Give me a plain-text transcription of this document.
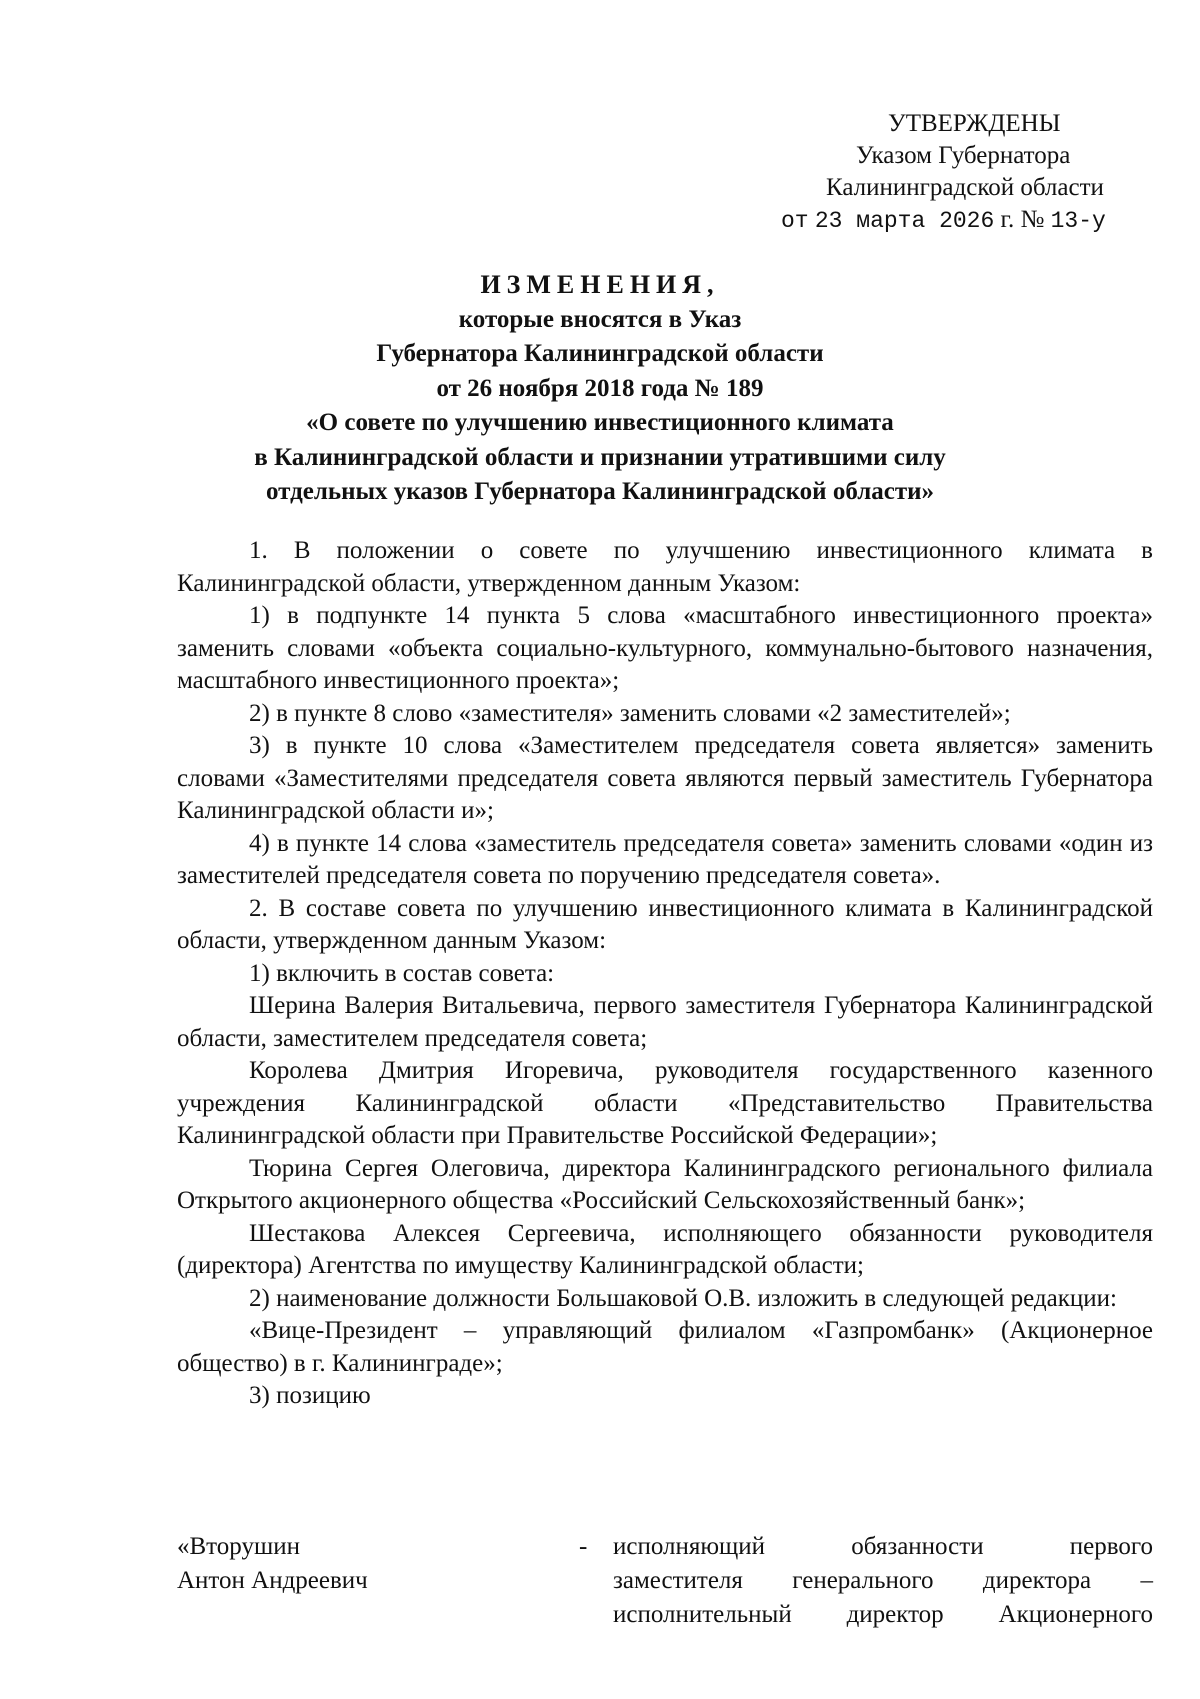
УТВЕРЖДЕНЫ
Указом Губернатора
Калининградской области
от 23 марта 2026 г. № 13-у
ИЗМЕНЕНИЯ,
которые вносятся в Указ
Губернатора Калининградской области
от 26 ноября 2018 года № 189
«О совете по улучшению инвестиционного климата
в Калининградской области и признании утратившими силу
отдельных указов Губернатора Калининградской области»

1. В положении о совете по улучшению инвестиционного климата в Калининградской области, утвержденном данным Указом:

1) в подпункте 14 пункта 5 слова «масштабного инвестиционного проекта» заменить словами «объекта социально-культурного, коммунально-бытового назначения, масштабного инвестиционного проекта»;

2) в пункте 8 слово «заместителя» заменить словами «2 заместителей»;

3) в пункте 10 слова «Заместителем председателя совета является» заменить словами «Заместителями председателя совета являются первый заместитель Губернатора Калининградской области и»;

4) в пункте 14 слова «заместитель председателя совета» заменить словами «один из заместителей председателя совета по поручению председателя совета».

2. В составе совета по улучшению инвестиционного климата в Калининградской области, утвержденном данным Указом:

1) включить в состав совета:

Шерина Валерия Витальевича, первого заместителя Губернатора Калининградской области, заместителем председателя совета;

Королева Дмитрия Игоревича, руководителя государственного казенного учреждения Калининградской области «Представительство Правительства Калининградской области при Правительстве Российской Федерации»;

Тюрина Сергея Олеговича, директора Калининградского регионального филиала Открытого акционерного общества «Российский Сельскохозяйственный банк»;

Шестакова Алексея Сергеевича, исполняющего обязанности руководителя (директора) Агентства по имуществу Калининградской области;

2) наименование должности Большаковой О.В. изложить в следующей редакции:

«Вице-Президент – управляющий филиалом «Газпромбанк» (Акционерное общество) в г. Калининграде»;

3) позицию

«Вторушин
Антон Андреевич
- исполняющий обязанности первого
заместителя генерального директора –
исполнительный директор Акционерного
